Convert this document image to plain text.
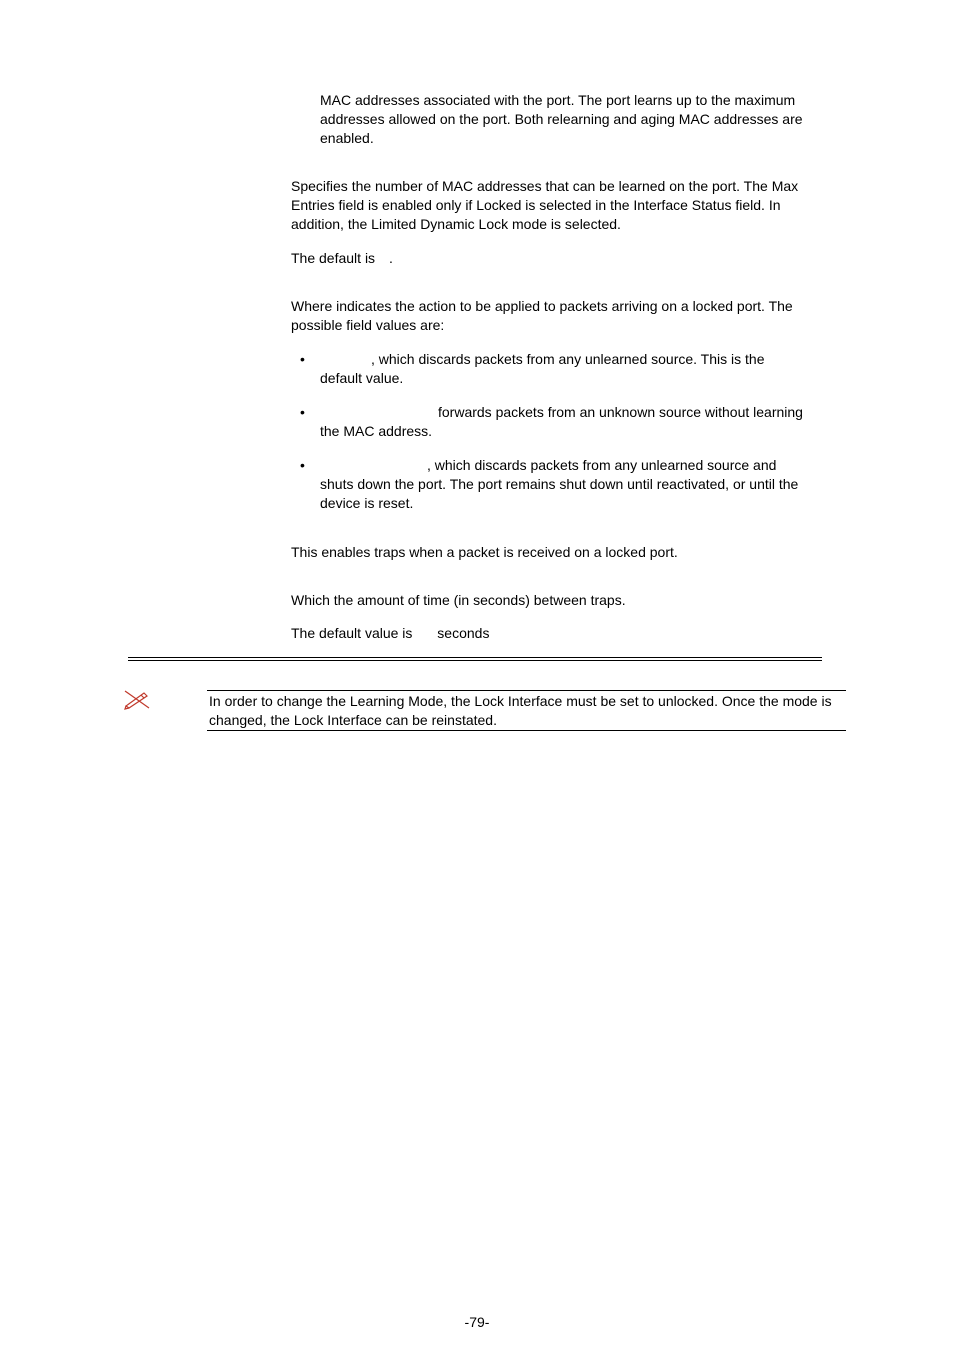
MAC addresses associated with the port. The port learns up to the maximum

addresses allowed on the port. Both relearning and aging MAC addresses are

enabled.

Specifies the number of MAC addresses that can be learned on the port. The Max

Entries field is enabled only if Locked is selected in the Interface Status field. In

addition, the Limited Dynamic Lock mode is selected.

The default is .

Where indicates the action to be applied to packets arriving on a locked port. The

possible field values are:

•	, which discards packets from any unlearned source. This is the

default value.

•	forwards packets from an unknown source without learning

the MAC address.

•	, which discards packets from any unlearned source and

shuts down the port. The port remains shut down until reactivated, or until the

device is reset.

This enables traps when a packet is received on a locked port.
Which the amount of time (in seconds) between traps.
The default value is seconds

In order to change the Learning Mode, the Lock Interface must be set to unlocked. Once the mode is

changed, the Lock Interface can be reinstated.

-79-
